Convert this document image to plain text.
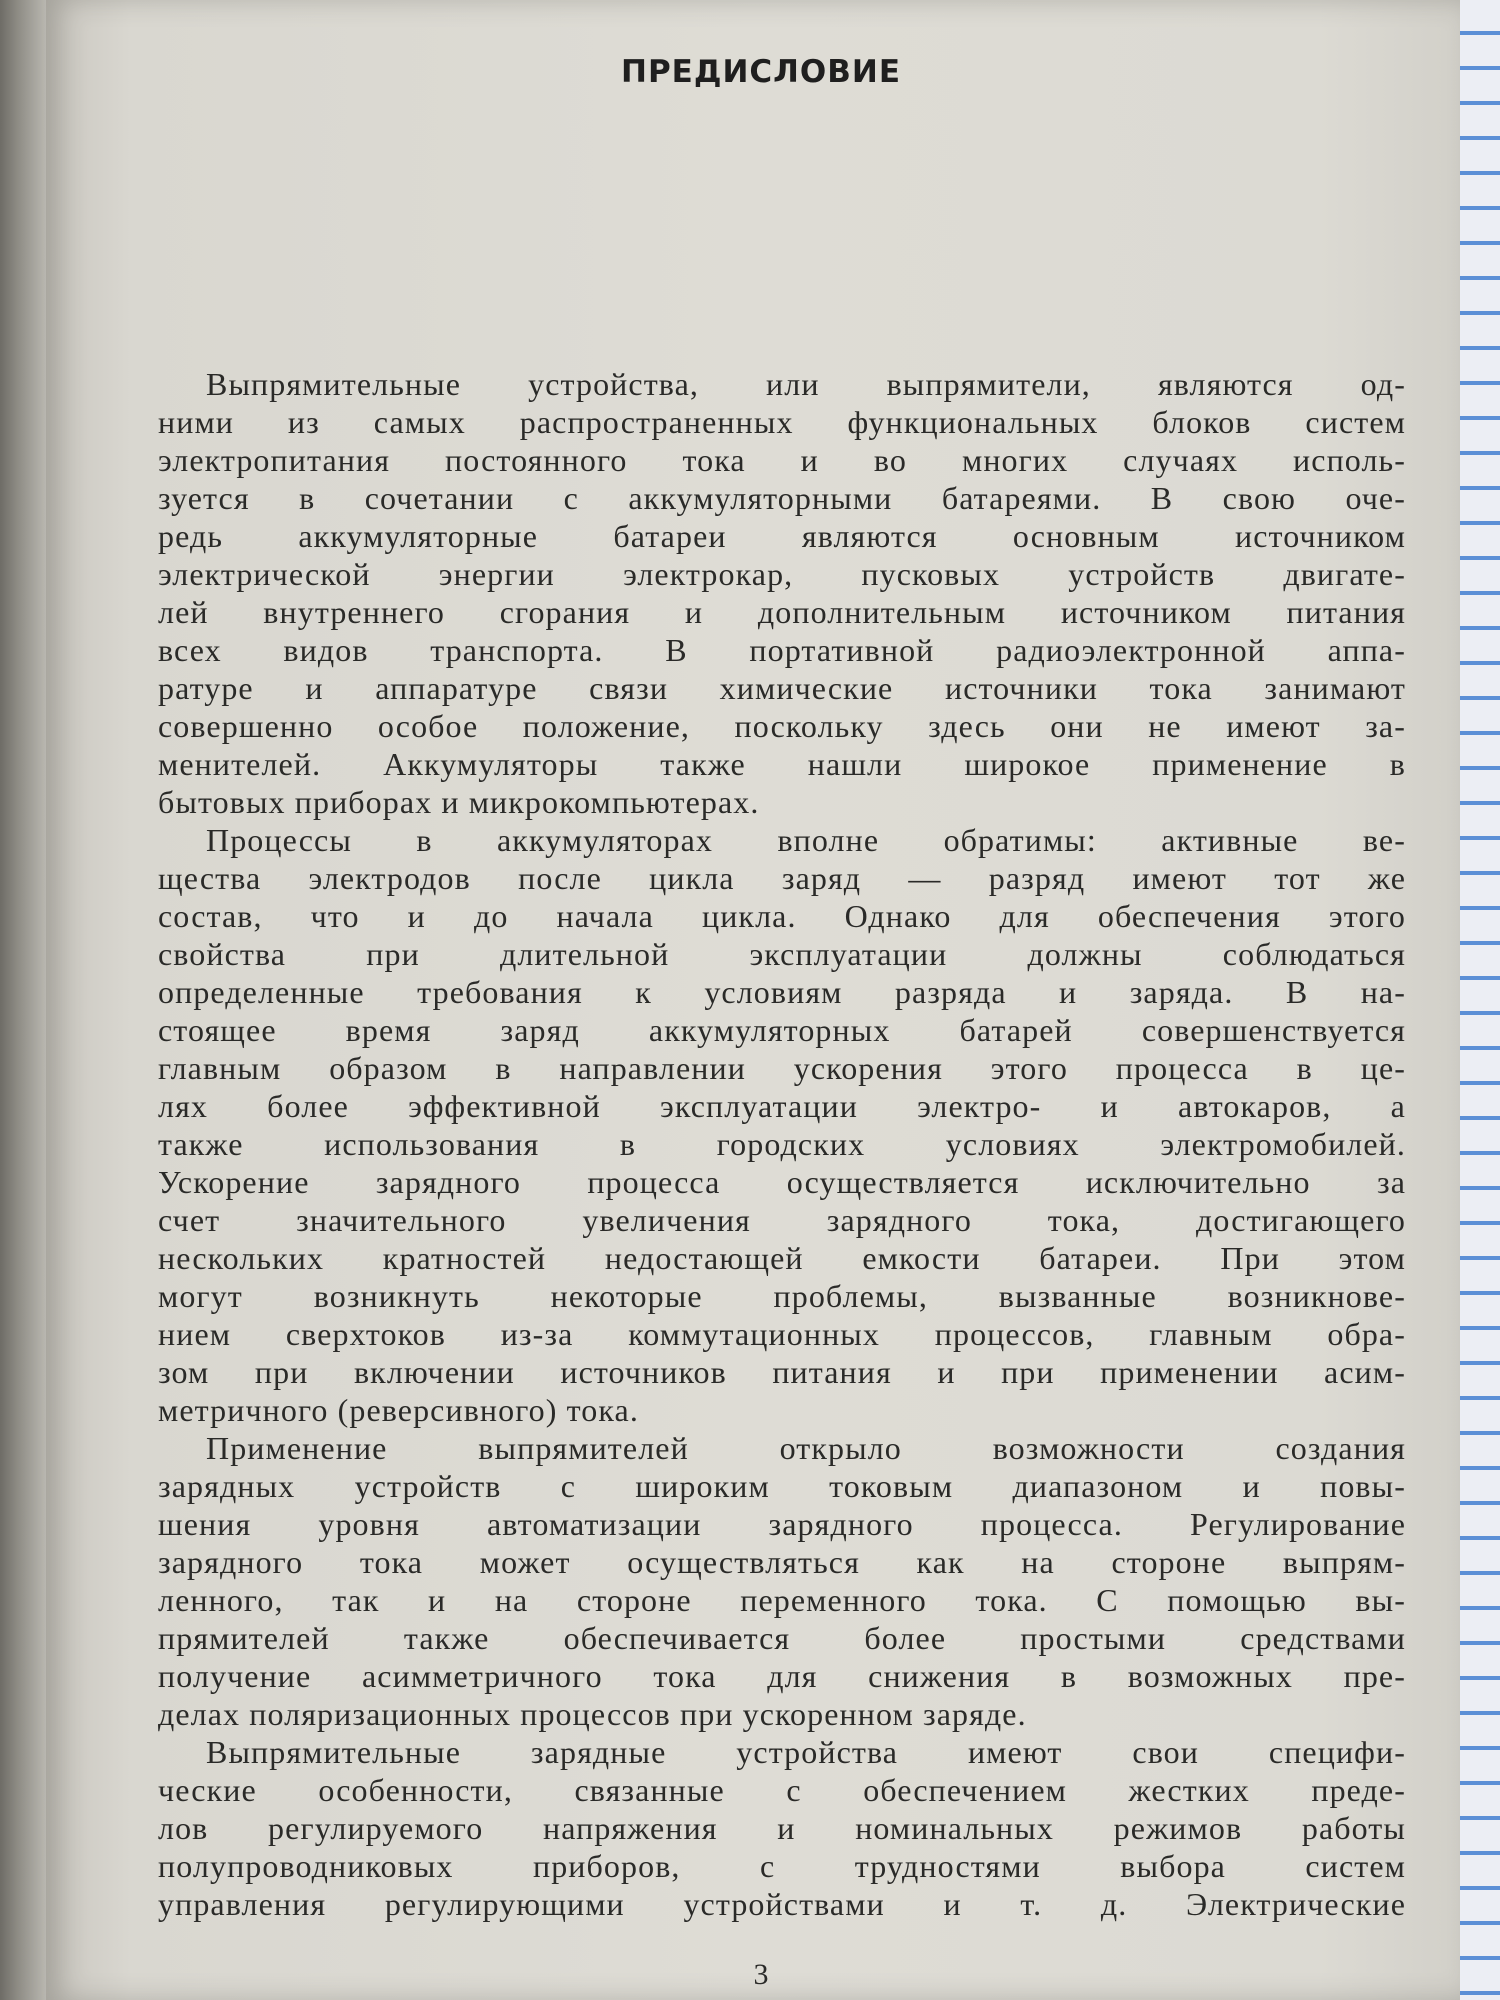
ПРЕДИСЛОВИЕ
Выпрямительные устройства, или выпрямители, являются од-
ними из самых распространенных функциональных блоков систем
электропитания постоянного тока и во многих случаях исполь-
зуется в сочетании с аккумуляторными батареями. В свою оче-
редь аккумуляторные батареи являются основным источником
электрической энергии электрокар, пусковых устройств двигате-
лей внутреннего сгорания и дополнительным источником питания
всех видов транспорта. В портативной радиоэлектронной аппа-
ратуре и аппаратуре связи химические источники тока занимают
совершенно особое положение, поскольку здесь они не имеют за-
менителей. Аккумуляторы также нашли широкое применение в
бытовых приборах и микрокомпьютерах.
Процессы в аккумуляторах вполне обратимы: активные ве-
щества электродов после цикла заряд — разряд имеют тот же
состав, что и до начала цикла. Однако для обеспечения этого
свойства при длительной эксплуатации должны соблюдаться
определенные требования к условиям разряда и заряда. В на-
стоящее время заряд аккумуляторных батарей совершенствуется
главным образом в направлении ускорения этого процесса в це-
лях более эффективной эксплуатации электро- и автокаров, а
также использования в городских условиях электромобилей.
Ускорение зарядного процесса осуществляется исключительно за
счет значительного увеличения зарядного тока, достигающего
нескольких кратностей недостающей емкости батареи. При этом
могут возникнуть некоторые проблемы, вызванные возникнове-
нием сверхтоков из-за коммутационных процессов, главным обра-
зом при включении источников питания и при применении асим-
метричного (реверсивного) тока.
Применение выпрямителей открыло возможности создания
зарядных устройств с широким токовым диапазоном и повы-
шения уровня автоматизации зарядного процесса. Регулирование
зарядного тока может осуществляться как на стороне выпрям-
ленного, так и на стороне переменного тока. С помощью вы-
прямителей также обеспечивается более простыми средствами
получение асимметричного тока для снижения в возможных пре-
делах поляризационных процессов при ускоренном заряде.
Выпрямительные зарядные устройства имеют свои специфи-
ческие особенности, связанные с обеспечением жестких преде-
лов регулируемого напряжения и номинальных режимов работы
полупроводниковых приборов, с трудностями выбора систем
управления регулирующими устройствами и т. д. Электрические
3
